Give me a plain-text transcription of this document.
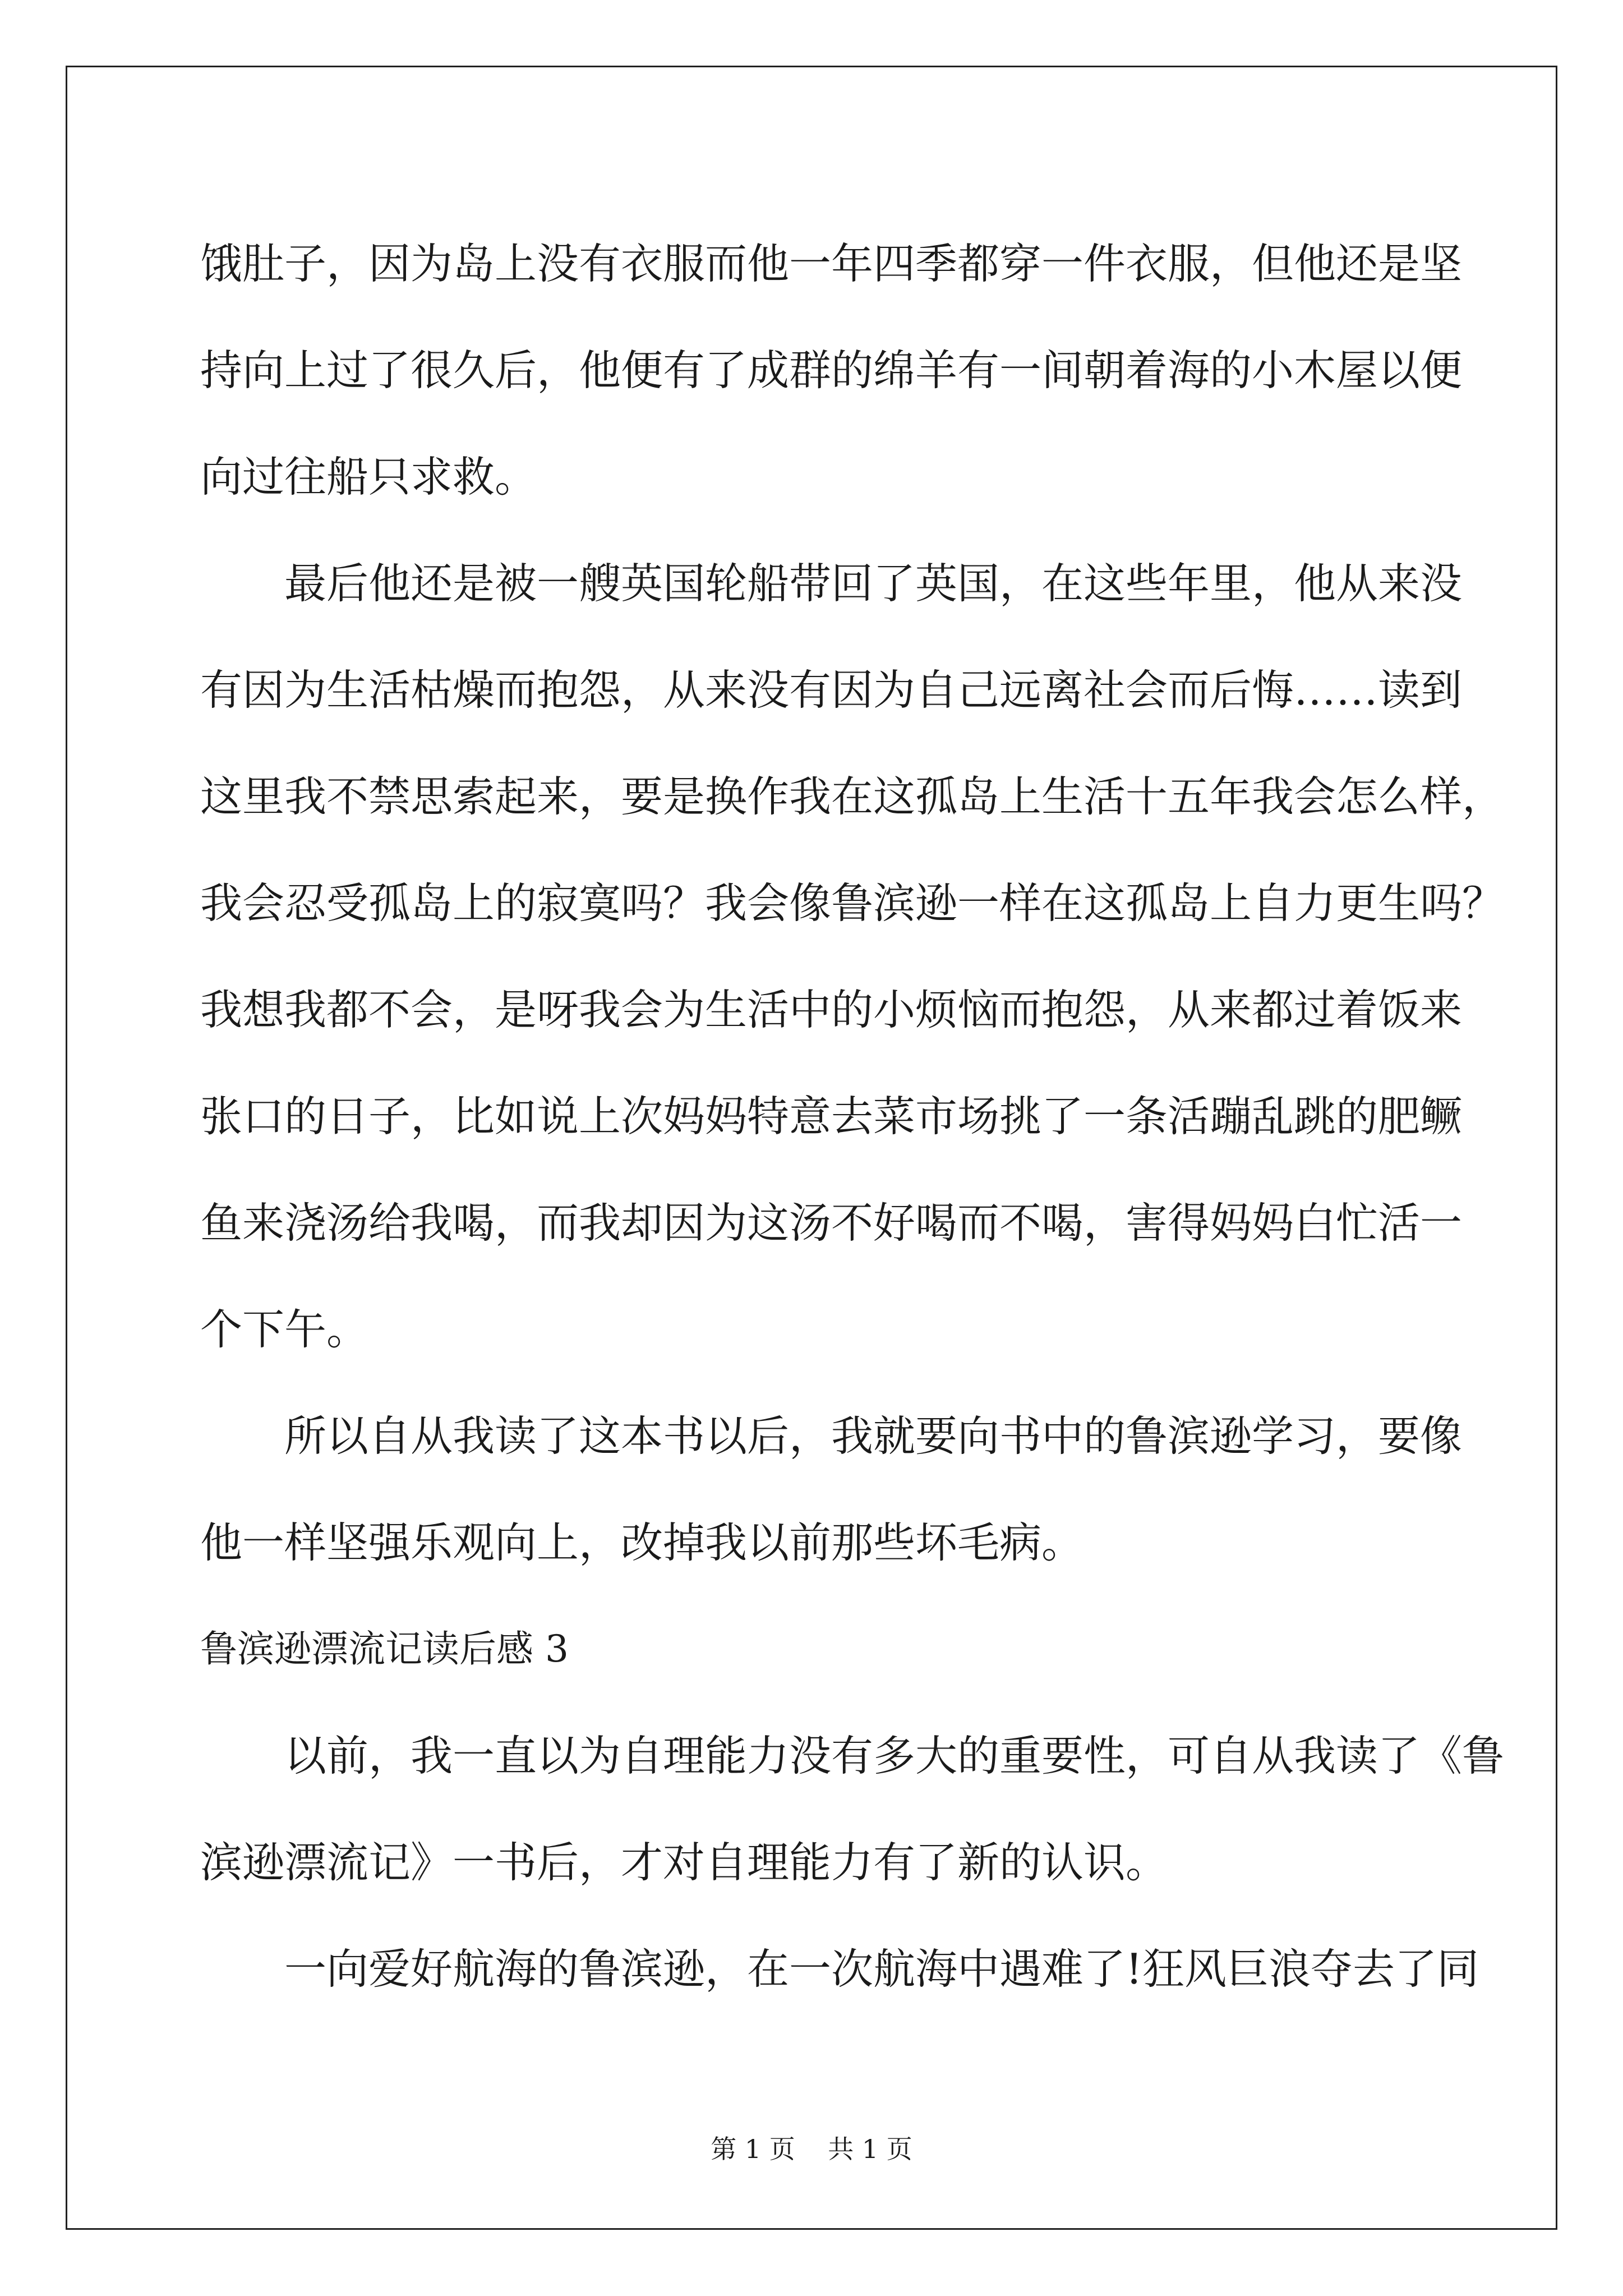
饿肚子，因为岛上没有衣服而他一年四季都穿一件衣服，但他还是坚
持向上过了很久后，他便有了成群的绵羊有一间朝着海的小木屋以便
向过往船只求救。
最后他还是被一艘英国轮船带回了英国，在这些年里，他从来没
有因为生活枯燥而抱怨，从来没有因为自己远离社会而后悔……读到
这里我不禁思索起来，要是换作我在这孤岛上生活十五年我会怎么样，
我会忍受孤岛上的寂寞吗？我会像鲁滨逊一样在这孤岛上自力更生吗？
我想我都不会，是呀我会为生活中的小烦恼而抱怨，从来都过着饭来
张口的日子，比如说上次妈妈特意去菜市场挑了一条活蹦乱跳的肥鳜
鱼来浇汤给我喝，而我却因为这汤不好喝而不喝，害得妈妈白忙活一
个下午。
所以自从我读了这本书以后，我就要向书中的鲁滨逊学习，要像
他一样坚强乐观向上，改掉我以前那些坏毛病。
鲁滨逊漂流记读后感 3
以前，我一直以为自理能力没有多大的重要性，可自从我读了《鲁
滨逊漂流记》一书后，才对自理能力有了新的认识。
一向爱好航海的鲁滨逊，在一次航海中遇难了!狂风巨浪夺去了同
第 1 页    共 1 页
